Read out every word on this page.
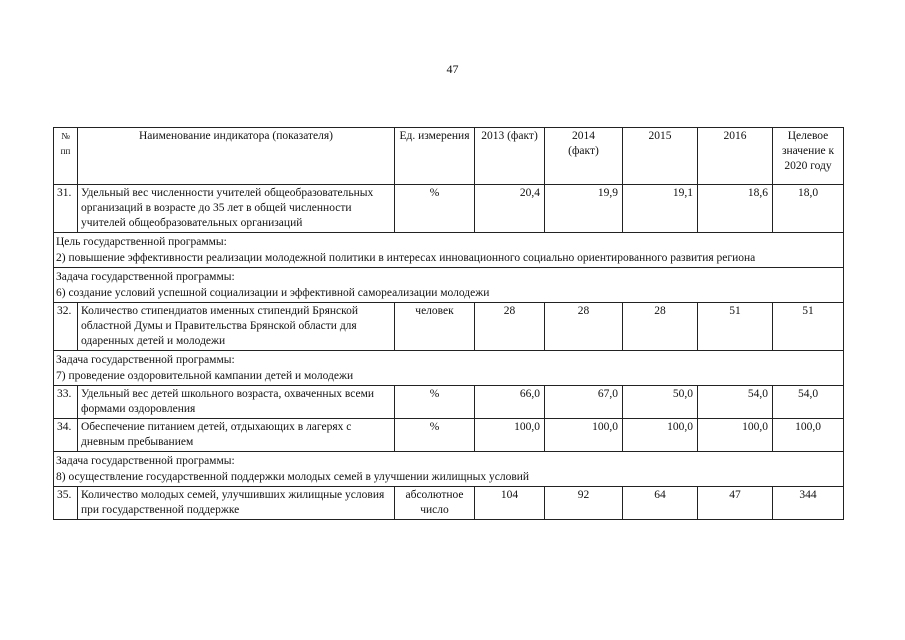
47
№ пп	Наименование индикатора (показателя)	Ед. измерения	2013 (факт)	2014 (факт)	2015	2016	Целевое значение к 2020 году
31.	Удельный вес численности учителей общеобразовательных организаций в возрасте до 35 лет в общей численности учителей общеобразовательных организаций	%	20,4	19,9	19,1	18,6	18,0

Цель государственной программы:
2) повышение эффективности реализации молодежной политики в интересах инновационного социально ориентированного развития региона							

Задача государственной программы:
6) создание условий успешной социализации и эффективной самореализации молодежи							

32.	Количество стипендиатов именных стипендий Брянской областной Думы и Правительства Брянской области для одаренных детей и молодежи	человек	28	28	28	51	51

Задача государственной программы:
7) проведение оздоровительной кампании детей и молодежи							

33.	Удельный вес детей школьного возраста, охваченных всеми формами оздоровления	%	66,0	67,0	50,0	54,0	54,0
34.	Обеспечение питанием детей, отдыхающих в лагерях с дневным пребыванием	%	100,0	100,0	100,0	100,0	100,0

Задача государственной программы:
8) осуществление государственной поддержки молодых семей в улучшении жилищных условий							

35.	Количество молодых семей, улучшивших жилищные условия при государственной поддержке	абсолютное число	104	92	64	47	344
